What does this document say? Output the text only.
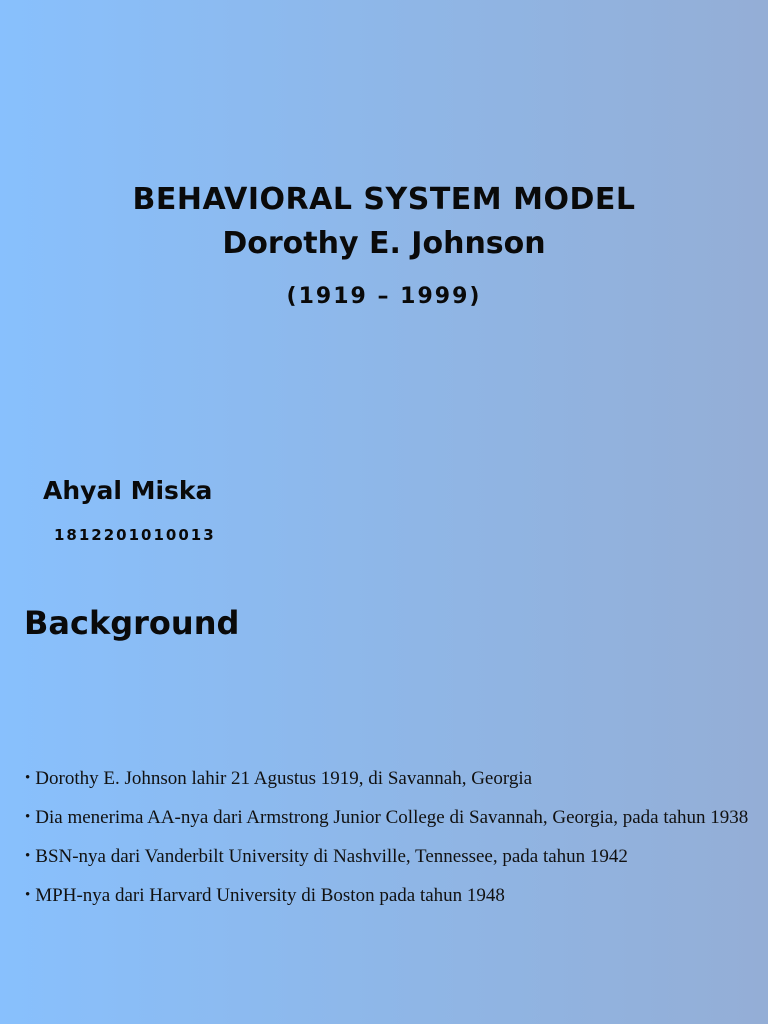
BEHAVIORAL SYSTEM MODEL
Dorothy E. Johnson
(1919 – 1999)
Ahyal Miska
1812201010013
Background
• Dorothy E. Johnson lahir 21 Agustus 1919, di Savannah, Georgia
• Dia menerima AA-nya dari Armstrong Junior College di Savannah, Georgia, pada tahun 1938
• BSN-nya dari Vanderbilt University di Nashville, Tennessee, pada tahun 1942
• MPH-nya dari Harvard University di Boston pada tahun 1948
